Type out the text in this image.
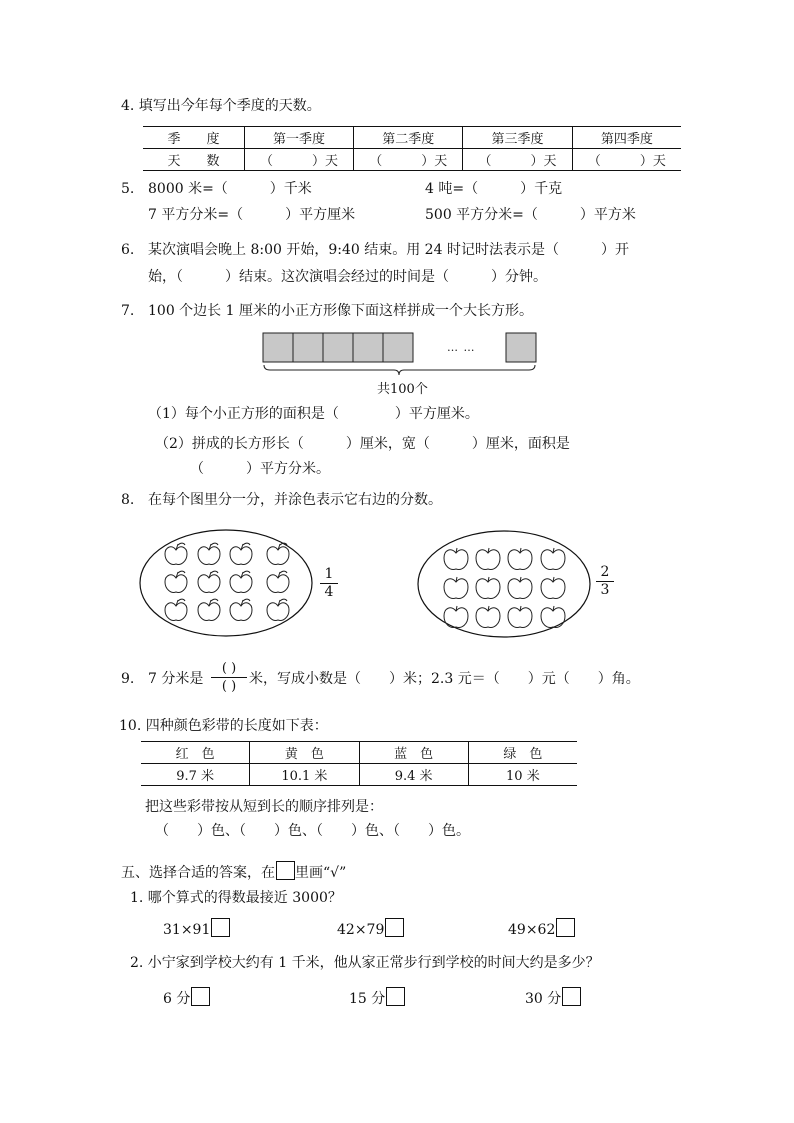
4. 填写出今年每个季度的天数。
季　　度	第一季度	第二季度	第三季度	第四季度
天　　数	（　　　）天	（　　　）天	（　　　）天	（　　　）天
5. 8000 米=（　　　）千米	4 吨=（　　　）千克
7 平方分米=（　　　）平方厘米	500 平方分米=（　　　）平方米
6. 某次演唱会晚上 8:00 开始，9:40 结束。用 24 时记时法表示是（　　　）开
始，（　　　）结束。这次演唱会经过的时间是（　　　）分钟。
7. 100 个边长 1 厘米的小正方形像下面这样拼成一个大长方形。
… …
共100个
（1）每个小正方形的面积是（　　　　）平方厘米。
（2）拼成的长方形长（　　　）厘米，宽（　　　）厘米，面积是
（　　　）平方分米。
8. 在每个图里分一分，并涂色表示它右边的分数。
1
4
2
3
9. 7 分米是
( )
( ) 米，写成小数是（　　）米；2.3 元＝（　　）元（　　）角。
10. 四种颜色彩带的长度如下表：
红　色	黄　色	蓝　色	绿　色
9.7 米	10.1 米	9.4 米	10 米
把这些彩带按从短到长的顺序排列是：
（　　）色、（　　）色、（　　）色、（　　）色。
五、选择合适的答案，在 里画“√”
1. 哪个算式的得数最接近 3000？
31×91	42×79	49×62
2. 小宁家到学校大约有 1 千米，他从家正常步行到学校的时间大约是多少？
6 分	15 分	30 分
